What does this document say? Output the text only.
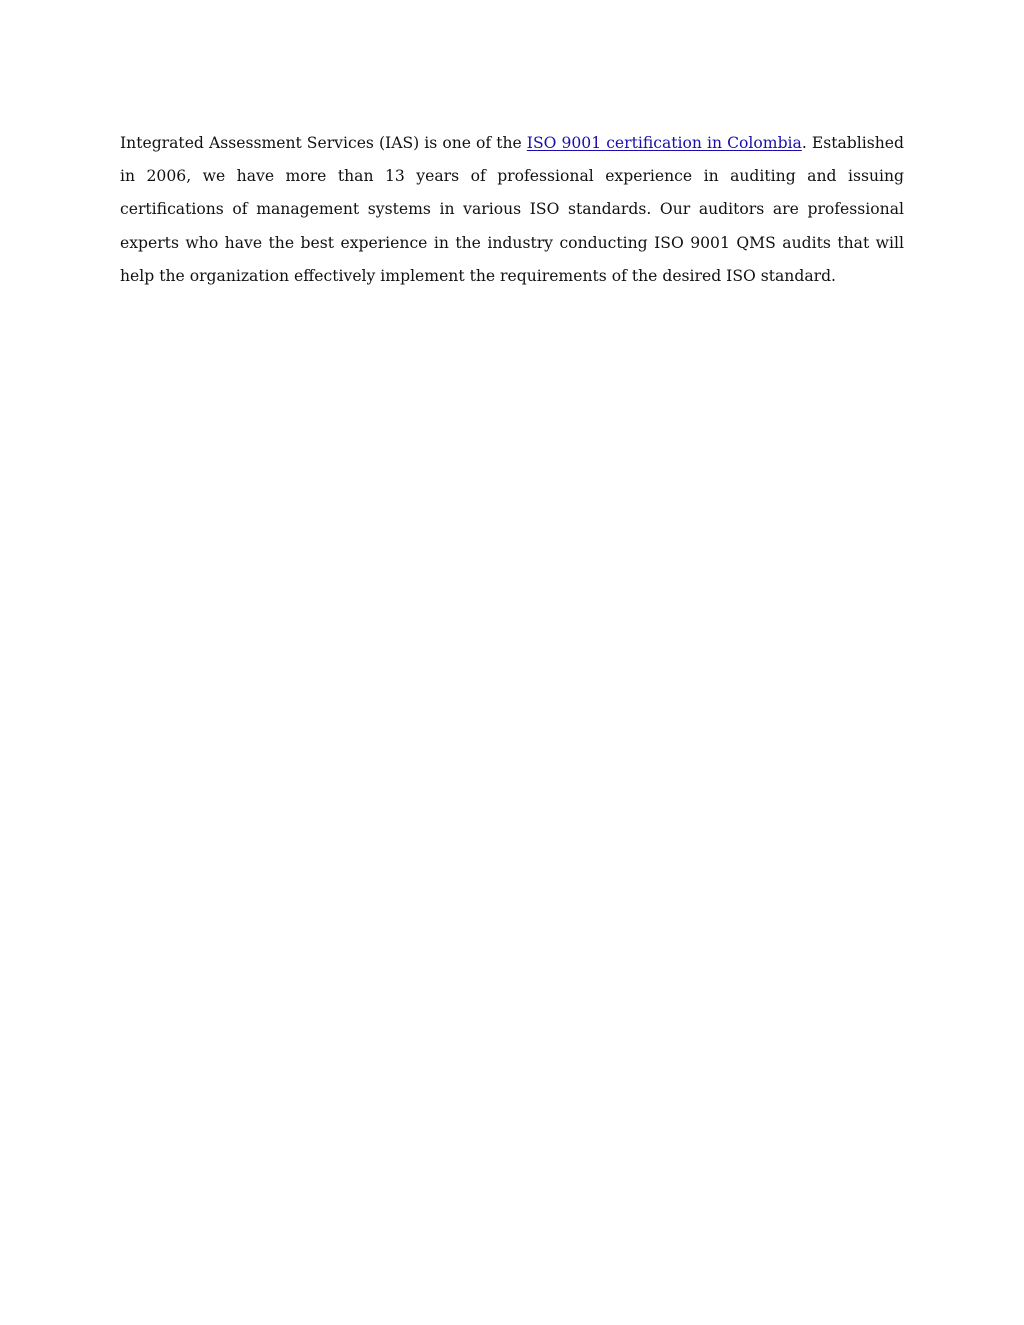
Integrated Assessment Services (IAS) is one of the ISO 9001 certification in Colombia. Established in 2006, we have more than 13 years of professional experience in auditing and issuing certifications of management systems in various ISO standards. Our auditors are professional experts who have the best experience in the industry conducting ISO 9001 QMS audits that will help the organization effectively implement the requirements of the desired ISO standard.
